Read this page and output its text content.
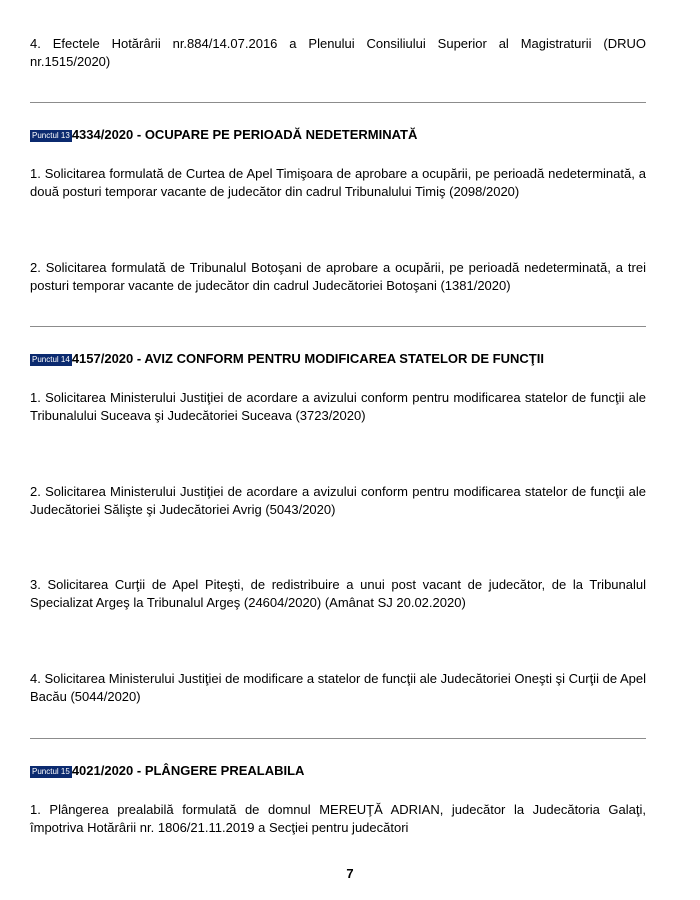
4. Efectele Hotărârii nr.884/14.07.2016 a Plenului Consiliului Superior al Magistraturii (DRUO nr.1515/2020)
Punctul 13 4334/2020 - OCUPARE PE PERIOADĂ NEDETERMINATĂ
1. Solicitarea formulată de Curtea de Apel Timişoara de aprobare a ocupării, pe perioadă nedeterminată, a două posturi temporar vacante de judecător din cadrul Tribunalului Timiş (2098/2020)
2. Solicitarea formulată de Tribunalul Botoşani de aprobare a ocupării, pe perioadă nedeterminată, a trei posturi temporar vacante de judecător din cadrul Judecătoriei Botoşani (1381/2020)
Punctul 14 4157/2020 - AVIZ CONFORM PENTRU MODIFICAREA STATELOR DE FUNCŢII
1. Solicitarea Ministerului Justiţiei de acordare a avizului conform pentru modificarea statelor de funcţii ale Tribunalului Suceava şi Judecătoriei Suceava (3723/2020)
2. Solicitarea Ministerului Justiţiei de acordare a avizului conform pentru modificarea statelor de funcţii ale Judecătoriei Sălişte şi Judecătoriei Avrig (5043/2020)
3. Solicitarea Curţii de Apel Piteşti, de redistribuire a unui post vacant de judecător, de la Tribunalul Specializat Argeş la Tribunalul Argeş (24604/2020) (Amânat SJ 20.02.2020)
4. Solicitarea Ministerului Justiţiei de modificare a statelor de funcţii ale Judecătoriei Oneşti şi Curţii de Apel Bacău (5044/2020)
Punctul 15 4021/2020 - PLÂNGERE PREALABILA
1. Plângerea prealabilă formulată de domnul MEREUŢĂ ADRIAN, judecător la Judecătoria Galaţi, împotriva Hotărârii nr. 1806/21.11.2019 a Secţiei pentru judecători
7
